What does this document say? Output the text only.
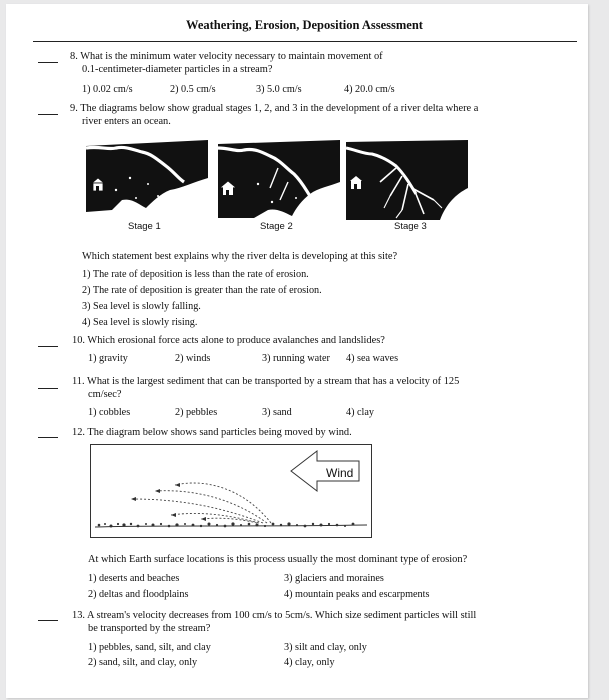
Weathering, Erosion, Deposition Assessment
8. What is the minimum water velocity necessary to maintain movement of
0.1-centimeter-diameter particles in a stream?
1) 0.02 cm/s	2) 0.5 cm/s	3) 5.0 cm/s	4) 20.0 cm/s
9. The diagrams below show gradual stages 1, 2, and 3 in the development of a river delta where a
river enters an ocean.
Stage 1	Stage 2	Stage 3
Which statement best explains why the river delta is developing at this site?
1) The rate of deposition is less than the rate of erosion.
2) The rate of deposition is greater than the rate of erosion.
3) Sea level is slowly falling.
4) Sea level is slowly rising.
10. Which erosional force acts alone to produce avalanches and landslides?
1) gravity	2) winds	3) running water 4) sea waves
11. What is the largest sediment that can be transported by a stream that has a velocity of 125
cm/sec?
1) cobbles	2) pebbles	3) sand	4) clay
12. The diagram below shows sand particles being moved by wind.
Wind
At which Earth surface locations is this process usually the most dominant type of erosion?
1) deserts and beaches
2) deltas and floodplains
3) glaciers and moraines
4) mountain peaks and escarpments
13. A stream's velocity decreases from 100 cm/s to 5cm/s. Which size sediment particles will still
be transported by the stream?
1) pebbles, sand, silt, and clay
2) sand, silt, and clay, only
3) silt and clay, only
4) clay, only
